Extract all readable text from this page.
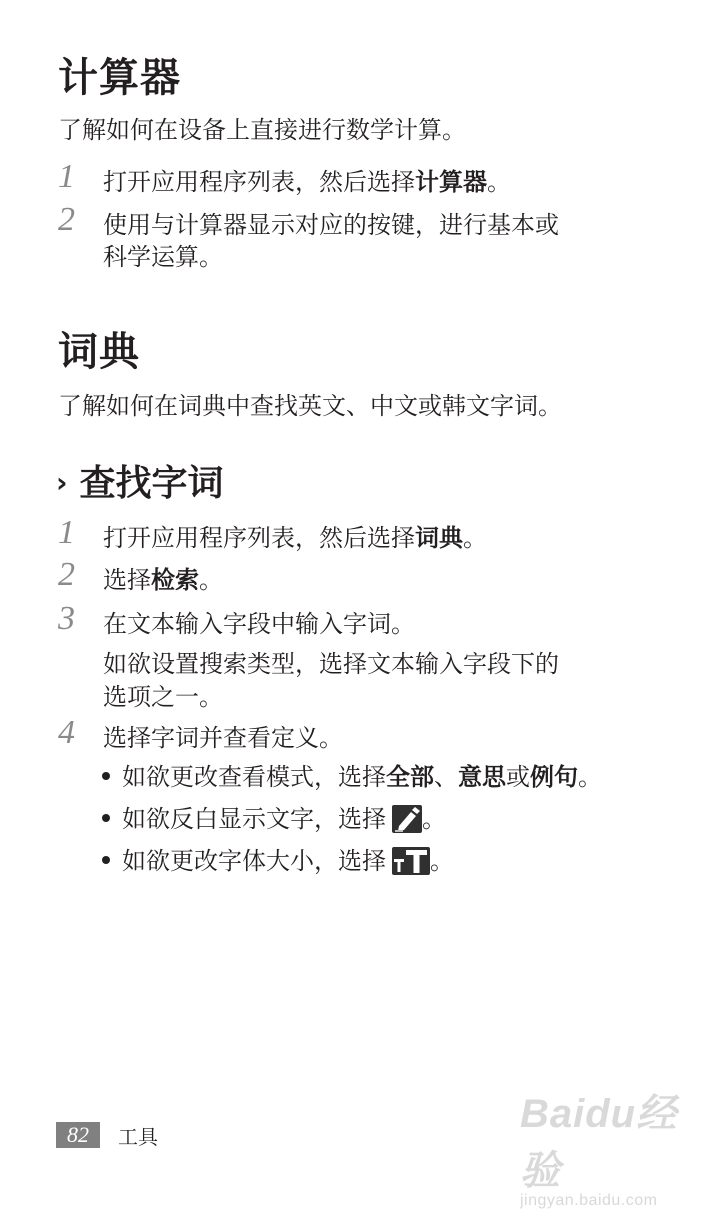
计算器

了解如何在设备上直接进行数学计算。

1 打开应用程序列表，然后选择计算器。
2 使用与计算器显示对应的按键，进行基本或
科学运算。
词典

了解如何在词典中查找英文、中文或韩文字词。

› 查找字词
1 打开应用程序列表，然后选择词典。
2 选择检索。
3 在文本输入字段中输入字词。
如欲设置搜索类型，选择文本输入字段下的
选项之一。
4 选择字词并查看定义。
如欲更改查看模式，选择全部、意思或例句。
如欲反白显示文字，选择 。
如欲更改字体大小，选择 。
82	工具
Baidu经验
jingyan.baidu.com
